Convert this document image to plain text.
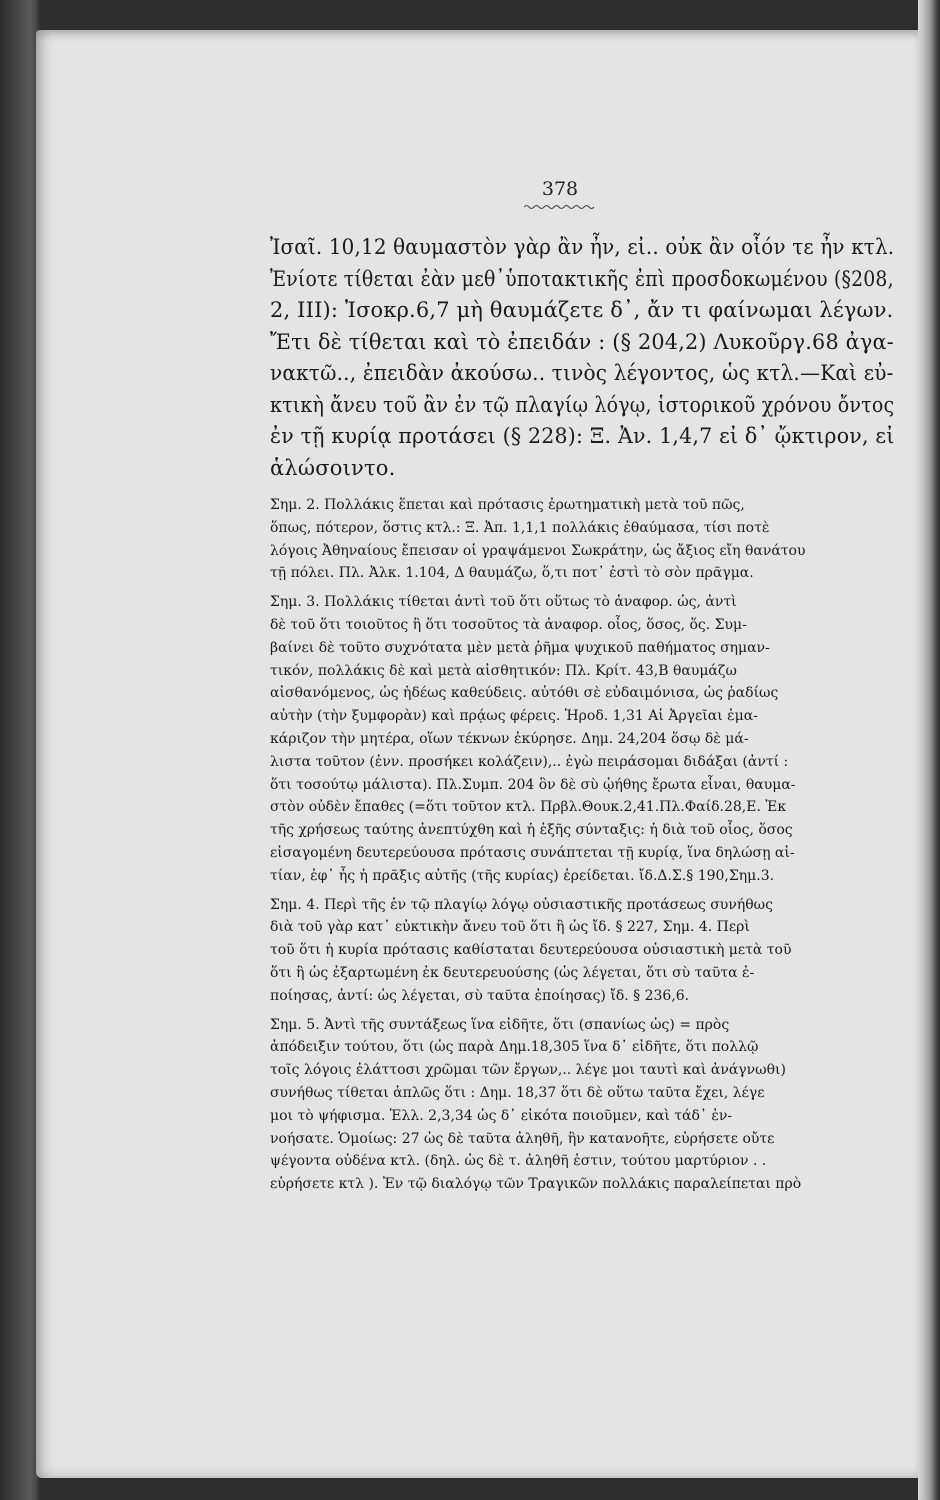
378
Ἰσαῖ. 10,12 θαυμαστὸν γὰρ ἂν ἦν, εἰ.. οὐκ ἂν οἷόν τε ἦν κτλ.
Ἐνίοτε τίθεται ἐὰν μεθ᾽ὑποτακτικῆς ἐπὶ προσδοκωμένου (§208,
2, ΙΙΙ): Ἰσοκρ.6,7 μὴ θαυμάζετε δ᾽, ἄν τι φαίνωμαι λέγων.
Ἔτι δὲ τίθεται καὶ τὸ ἐπειδάν : (§ 204,2) Λυκοῦργ.68 ἀγα-
νακτῶ.., ἐπειδὰν ἀκούσω.. τινὸς λέγοντος, ὡς κτλ.—Καὶ εὐ-
κτικὴ ἄνευ τοῦ ἂν ἐν τῷ πλαγίῳ λόγῳ, ἱστορικοῦ χρόνου ὄντος
ἐν τῇ κυρίᾳ προτάσει (§ 228): Ξ. Ἀν. 1,4,7 εἰ δ᾽ ᾤκτιρον, εἰ
ἁλώσοιντο.
Σημ. 2. Πολλάκις ἕπεται καὶ πρότασις ἐρωτηματικὴ μετὰ τοῦ πῶς,
ὅπως, πότερον, ὅστις κτλ.: Ξ. Ἀπ. 1,1,1 πολλάκις ἐθαύμασα, τίσι ποτὲ
λόγοις Ἀθηναίους ἔπεισαν οἱ γραψάμενοι Σωκράτην, ὡς ἄξιος εἴη θανάτου
τῇ πόλει. Πλ. Ἀλκ. 1.104, Δ θαυμάζω, ὅ,τι ποτ᾽ ἐστὶ τὸ σὸν πρᾶγμα.
Σημ. 3. Πολλάκις τίθεται ἀντὶ τοῦ ὅτι οὕτως τὸ ἀναφορ. ὡς, ἀντὶ
δὲ τοῦ ὅτι τοιοῦτος ἢ ὅτι τοσοῦτος τὰ ἀναφορ. οἷος, ὅσος, ὅς. Συμ-
βαίνει δὲ τοῦτο συχνότατα μὲν μετὰ ῥῆμα ψυχικοῦ παθήματος σημαν-
τικόν, πολλάκις δὲ καὶ μετὰ αἰσθητικόν: Πλ. Κρίτ. 43,Β θαυμάζω
αἰσθανόμενος, ὡς ἡδέως καθεύδεις. αὐτόθι σὲ εὐδαιμόνισα, ὡς ῥαδίως
αὐτὴν (τὴν ξυμφορὰν) καὶ πρᾴως φέρεις. Ἡροδ. 1,31 Αἱ Ἀργεῖαι ἐμα-
κάριζον τὴν μητέρα, οἵων τέκνων ἐκύρησε. Δημ. 24,204 ὅσῳ δὲ μά-
λιστα τοῦτον (ἐνν. προσήκει κολάζειν),.. ἐγὼ πειράσομαι διδάξαι (ἀντί :
ὅτι τοσούτῳ μάλιστα). Πλ.Συμπ. 204 ὃν δὲ σὺ ᾠήθης ἔρωτα εἶναι, θαυμα-
στὸν οὐδὲν ἔπαθες (=ὅτι τοῦτον κτλ. Πρβλ.Θουκ.2,41.Πλ.Φαίδ.28,Ε. Ἐκ
τῆς χρήσεως ταύτης ἀνεπτύχθη καὶ ἡ ἑξῆς σύνταξις: ἡ διὰ τοῦ οἷος, ὅσος
εἰσαγομένη δευτερεύουσα πρότασις συνάπτεται τῇ κυρίᾳ, ἵνα δηλώσῃ αἰ-
τίαν, ἐφ᾽ ἧς ἡ πρᾶξις αὐτῆς (τῆς κυρίας) ἐρείδεται. ἴδ.Δ.Σ.§ 190,Σημ.3.
Σημ. 4. Περὶ τῆς ἐν τῷ πλαγίῳ λόγῳ οὐσιαστικῆς προτάσεως συνήθως
διὰ τοῦ γὰρ κατ᾽ εὐκτικὴν ἄνευ τοῦ ὅτι ἢ ὡς ἴδ. § 227, Σημ. 4. Περὶ
τοῦ ὅτι ἡ κυρία πρότασις καθίσταται δευτερεύουσα οὐσιαστικὴ μετὰ τοῦ
ὅτι ἢ ὡς ἐξαρτωμένη ἐκ δευτερευούσης (ὡς λέγεται, ὅτι σὺ ταῦτα ἐ-
ποίησας, ἀντί: ὡς λέγεται, σὺ ταῦτα ἐποίησας) ἴδ. § 236,6.
Σημ. 5. Ἀντὶ τῆς συντάξεως ἵνα εἰδῆτε, ὅτι (σπανίως ὡς) = πρὸς
ἀπόδειξιν τούτου, ὅτι (ὡς παρὰ Δημ.18,305 ἵνα δ᾽ εἰδῆτε, ὅτι πολλῷ
τοῖς λόγοις ἐλάττοσι χρῶμαι τῶν ἔργων,.. λέγε μοι ταυτὶ καὶ ἀνάγνωθι)
συνήθως τίθεται ἁπλῶς ὅτι : Δημ. 18,37 ὅτι δὲ οὕτω ταῦτα ἔχει, λέγε
μοι τὸ ψήφισμα. Ἑλλ. 2,3,34 ὡς δ᾽ εἰκότα ποιοῦμεν, καὶ τάδ᾽ ἐν-
νοήσατε. Ὁμοίως: 27 ὡς δὲ ταῦτα ἀληθῆ, ἣν κατανοῆτε, εὑρήσετε οὔτε
ψέγοντα οὐδένα κτλ. (δηλ. ὡς δὲ τ. ἀληθῆ ἐστιν, τούτου μαρτύριον . .
εὑρήσετε κτλ ). Ἐν τῷ διαλόγῳ τῶν Τραγικῶν πολλάκις παραλείπεται πρὸ
